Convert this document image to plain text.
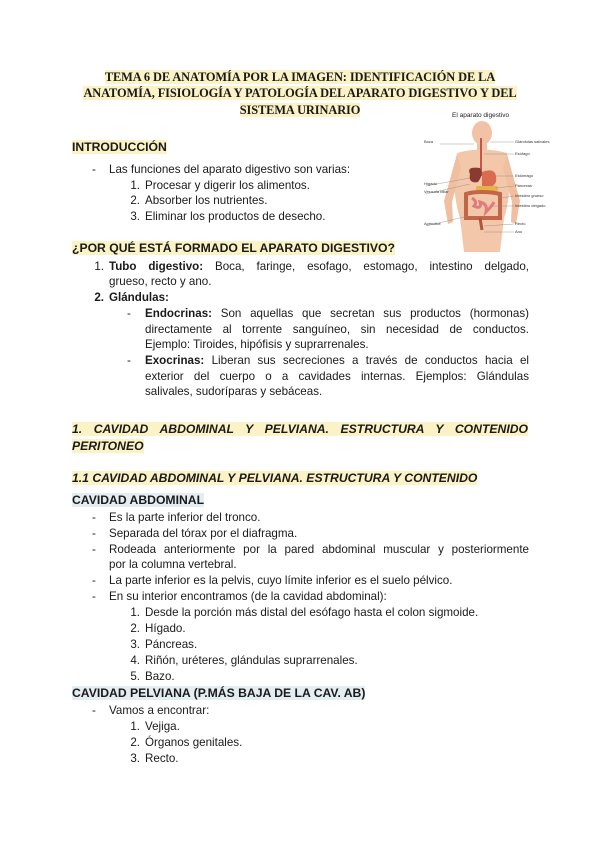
TEMA 6 DE ANATOMÍA POR LA IMAGEN: IDENTIFICACIÓN DE LA
ANATOMÍA, FISIOLOGÍA Y PATOLOGÍA DEL APARATO DIGESTIVO Y DEL
SISTEMA URINARIO	El aparato digestivo
Boca	Glándulas salivales
Esófago
Hígado
Vesícula biliar
Estómago
Páncreas
Intestino grueso
Intestino delgado
Apéndice	Recto
Ano
INTRODUCCIÓN
- Las funciones del aparato digestivo son varias:
1. Procesar y digerir los alimentos.
2. Absorber los nutrientes.
3. Eliminar los productos de desecho.
¿POR QUÉ ESTÁ FORMADO EL APARATO DIGESTIVO?
1. Tubo digestivo: Boca, faringe, esofago, estomago, intestino delgado,
grueso, recto y ano.
2. Glándulas:
- Endocrinas: Son aquellas que secretan sus productos (hormonas)
directamente al torrente sanguíneo, sin necesidad de conductos.
Ejemplo: Tiroides, hipófisis y suprarrenales.
- Exocrinas: Liberan sus secreciones a través de conductos hacia el
exterior del cuerpo o a cavidades internas. Ejemplos: Glándulas
salivales, sudoríparas y sebáceas.
1. CAVIDAD ABDOMINAL Y PELVIANA. ESTRUCTURA Y CONTENIDO
PERITONEO
1.1 CAVIDAD ABDOMINAL Y PELVIANA. ESTRUCTURA Y CONTENIDO
CAVIDAD ABDOMINAL
- Es la parte inferior del tronco.
- Separada del tórax por el diafragma.
- Rodeada anteriormente por la pared abdominal muscular y posteriormente
por la columna vertebral.
- La parte inferior es la pelvis, cuyo límite inferior es el suelo pélvico.
- En su interior encontramos (de la cavidad abdominal):
1. Desde la porción más distal del esófago hasta el colon sigmoide.
2. Hígado.
3. Páncreas.
4. Riñón, uréteres, glándulas suprarrenales.
5. Bazo.
CAVIDAD PELVIANA (P.MÁS BAJA DE LA CAV. AB)
- Vamos a encontrar:
1. Vejiga.
2. Órganos genitales.
3. Recto.
